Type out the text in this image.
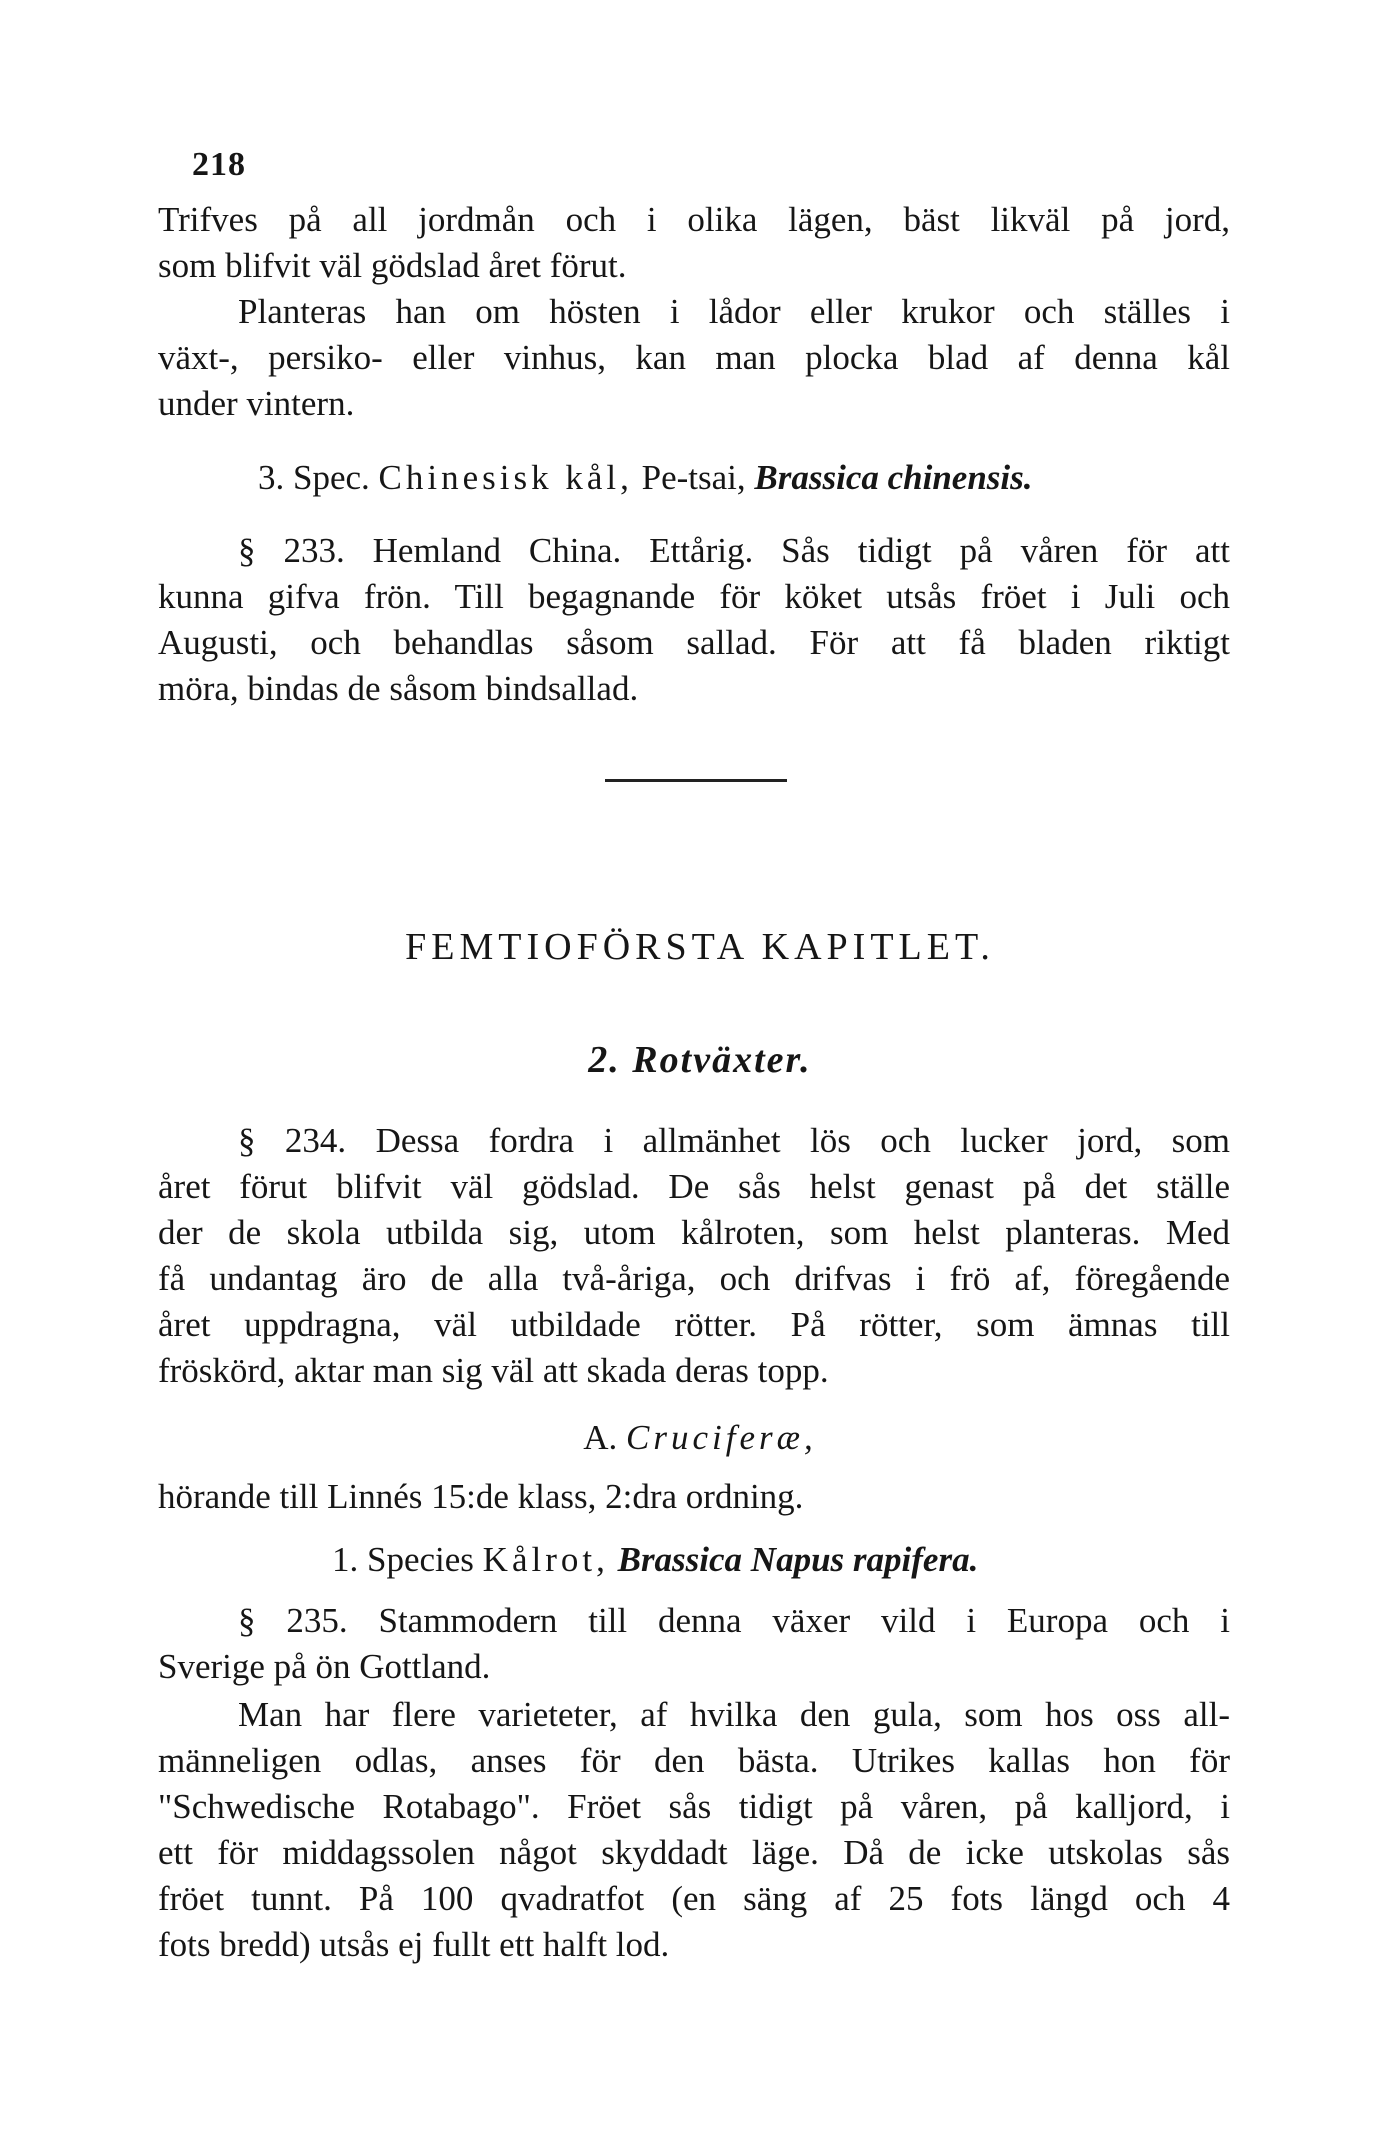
218
Trifves på all jordmån och i olika lägen, bäst likväl på jord,
som blifvit väl gödslad året förut.
Planteras han om hösten i lådor eller krukor och ställes i
växt-, persiko- eller vinhus, kan man plocka blad af denna kål
under vintern.
3. Spec. Chinesisk kål, Pe-tsai, Brassica chinensis.
§ 233. Hemland China. Ettårig. Sås tidigt på våren för att
kunna gifva frön. Till begagnande för köket utsås fröet i Juli och
Augusti, och behandlas såsom sallad. För att få bladen riktigt
möra, bindas de såsom bindsallad.
FEMTIOFÖRSTA KAPITLET.
2. Rotväxter.
§ 234. Dessa fordra i allmänhet lös och lucker jord, som
året förut blifvit väl gödslad. De sås helst genast på det ställe
der de skola utbilda sig, utom kålroten, som helst planteras. Med
få undantag äro de alla två-åriga, och drifvas i frö af, föregående
året uppdragna, väl utbildade rötter. På rötter, som ämnas till
fröskörd, aktar man sig väl att skada deras topp.
A. Cruciferæ,
hörande till Linnés 15:de klass, 2:dra ordning.
1. Species Kålrot, Brassica Napus rapifera.
§ 235. Stammodern till denna växer vild i Europa och i
Sverige på ön Gottland.
Man har flere varieteter, af hvilka den gula, som hos oss all-
männeligen odlas, anses för den bästa. Utrikes kallas hon för
"Schwedische Rotabago". Fröet sås tidigt på våren, på kalljord, i
ett för middagssolen något skyddadt läge. Då de icke utskolas sås
fröet tunnt. På 100 qvadratfot (en säng af 25 fots längd och 4
fots bredd) utsås ej fullt ett halft lod.
